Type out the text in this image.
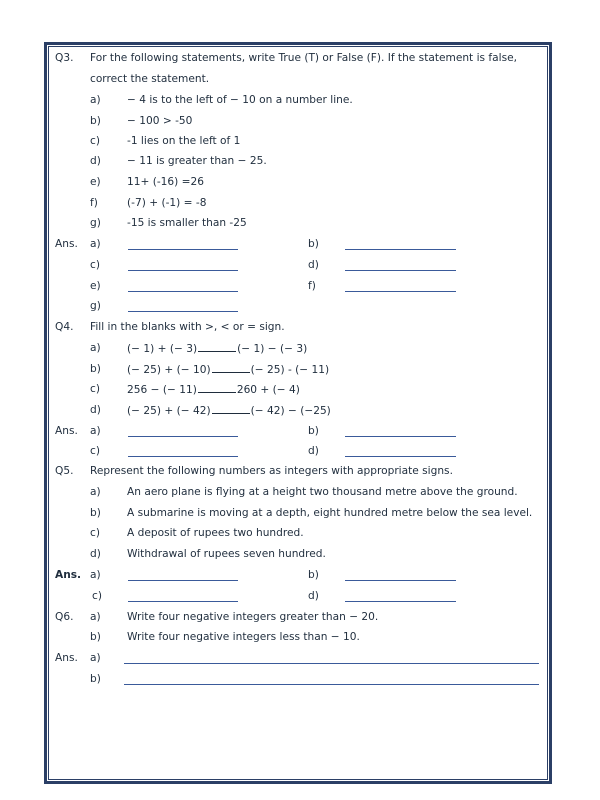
Q3. For the following statements, write True (T) or False (F). If the statement is false,
correct the statement.
a) − 4 is to the left of − 10 on a number line.
b) − 100 > -50
c)	-1 lies on the left of 1
d) − 11 is greater than − 25.
e) 11+ (-16) =26
f)	(-7) + (-1) = -8
g) -15 is smaller than -25
Ans. a)	b)
c)	d)
e)	f)
g)
Q4. Fill in the blanks with >, < or = sign.
a) (− 1) + (− 3)	(− 1) − (− 3)
b) (− 25) + (− 10)	(− 25) - (− 11)
c)	256 − (− 11)	260 + (− 4)
d) (− 25) + (− 42)	(− 42) − (−25)
Ans. a)	b)
c)	d)
Q5. Represent the following numbers as integers with appropriate signs.
a) An aero plane is flying at a height two thousand metre above the ground.
b) A submarine is moving at a depth, eight hundred metre below the sea level.
c)	A deposit of rupees two hundred.
d) Withdrawal of rupees seven hundred.
Ans. a)	b)
c)	d)
Q6. a) Write four negative integers greater than − 20.
b) Write four negative integers less than − 10.
Ans. a)
b)
